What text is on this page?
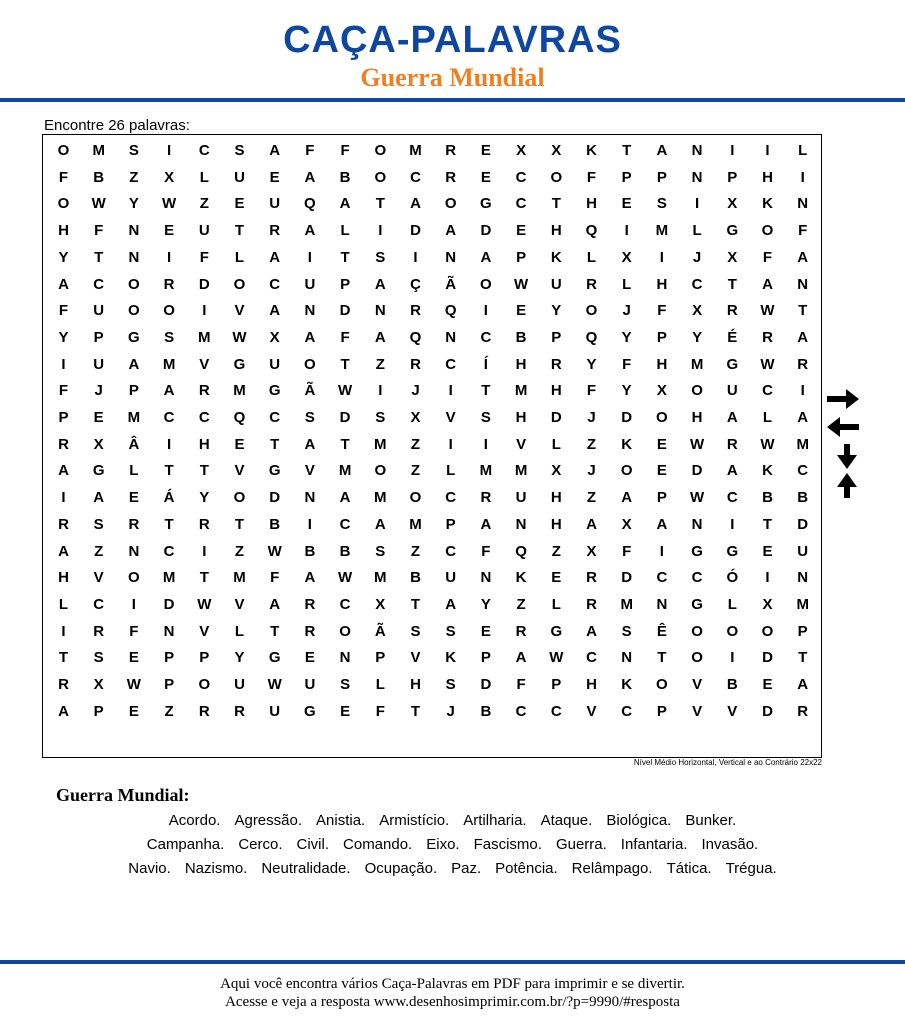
CAÇA-PALAVRAS
Guerra Mundial
Encontre 26 palavras:
O	M	S	I	C	S	A	F	F	O	M	R	E	X	X	K	T	A	N	I	I	L
F	B	Z	X	L	U	E	A	B	O	C	R	E	C	O	F	P	P	N	P	H	I
O	W	Y	W	Z	E	U	Q	A	T	A	O	G	C	T	H	E	S	I	X	K	N
H	F	N	E	U	T	R	A	L	I	D	A	D	E	H	Q	I	M	L	G	O	F
Y	T	N	I	F	L	A	I	T	S	I	N	A	P	K	L	X	I	J	X	F	A
A	C	O	R	D	O	C	U	P	A	Ç	Ã	O	W	U	R	L	H	C	T	A	N
F	U	O	O	I	V	A	N	D	N	R	Q	I	E	Y	O	J	F	X	R	W	T
Y	P	G	S	M	W	X	A	F	A	Q	N	C	B	P	Q	Y	P	Y	É	R	A
I	U	A	M	V	G	U	O	T	Z	R	C	Í	H	R	Y	F	H	M	G	W	R
F	J	P	A	R	M	G	Ã	W	I	J	I	T	M	H	F	Y	X	O	U	C	I
P	E	M	C	C	Q	C	S	D	S	X	V	S	H	D	J	D	O	H	A	L	A
R	X	Â	I	H	E	T	A	T	M	Z	I	I	V	L	Z	K	E	W	R	W	M
A	G	L	T	T	V	G	V	M	O	Z	L	M	M	X	J	O	E	D	A	K	C
I	A	E	Á	Y	O	D	N	A	M	O	C	R	U	H	Z	A	P	W	C	B	B
R	S	R	T	R	T	B	I	C	A	M	P	A	N	H	A	X	A	N	I	T	D
A	Z	N	C	I	Z	W	B	B	S	Z	C	F	Q	Z	X	F	I	G	G	E	U
H	V	O	M	T	M	F	A	W	M	B	U	N	K	E	R	D	C	C	Ó	I	N
L	C	I	D	W	V	A	R	C	X	T	A	Y	Z	L	R	M	N	G	L	X	M
I	R	F	N	V	L	T	R	O	Ã	S	S	E	R	G	A	S	Ê	O	O	O	P
T	S	E	P	P	Y	G	E	N	P	V	K	P	A	W	C	N	T	O	I	D	T
R	X	W	P	O	U	W	U	S	L	H	S	D	F	P	H	K	O	V	B	E	A
A	P	E	Z	R	R	U	G	E	F	T	J	B	C	C	V	C	P	V	V	D	R
Nível Médio Horizontal, Vertical e ao Contrário 22x22
Guerra Mundial:
Acordo. Agressão. Anistia. Armistício. Artilharia. Ataque. Biológica. Bunker.
Campanha. Cerco. Civil. Comando. Eixo. Fascismo. Guerra. Infantaria. Invasão.
Navio. Nazismo. Neutralidade. Ocupação. Paz. Potência. Relâmpago. Tática. Trégua.
Aqui você encontra vários Caça-Palavras em PDF para imprimir e se divertir.
Acesse e veja a resposta www.desenhosimprimir.com.br/?p=9990/#resposta
